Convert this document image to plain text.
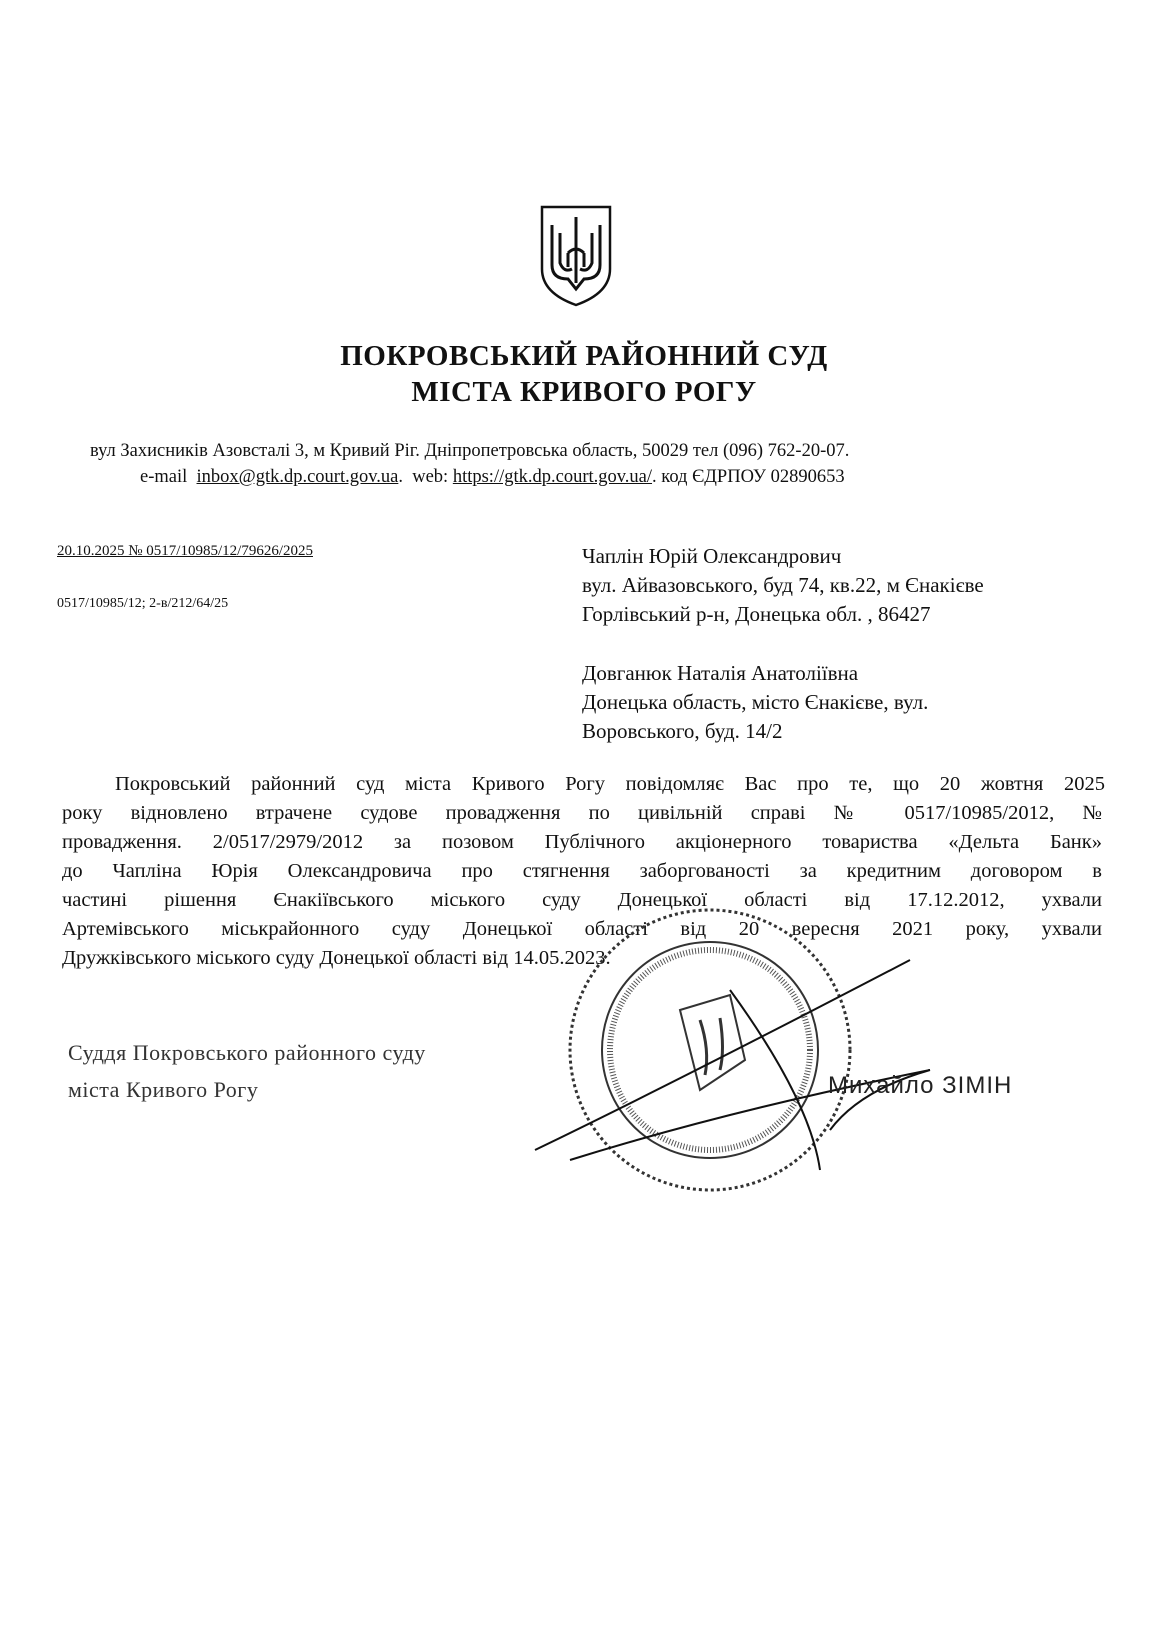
ПОКРОВСЬКИЙ РАЙОННИЙ СУД
МІСТА КРИВОГО РОГУ
вул Захисників Азовсталі 3, м Кривий Ріг. Дніпропетровська область, 50029 тел (096) 762-20-07.
e-mail inbox@gtk.dp.court.gov.ua.  web: https://gtk.dp.court.gov.ua/. код ЄДРПОУ 02890653
20.10.2025 № 0517/10985/12/79626/2025
0517/10985/12; 2-в/212/64/25
Чаплін Юрій Олександрович
вул. Айвазовського, буд 74, кв.22, м Єнакієве
Горлівський р-н, Донецька обл. , 86427
Довганюк Наталія Анатоліївна
Донецька область, місто Єнакієве, вул.
Воровського, буд. 14/2
Покровський районний суд міста Кривого Рогу повідомляє Вас про те, що 20 жовтня 2025
року відновлено втрачене судове провадження по цивільній справі № 0517/10985/2012, №
провадження. 2/0517/2979/2012 за позовом Публічного акціонерного товариства «Дельта Банк»
до Чапліна Юрія Олександровича про стягнення заборгованості за кредитним договором в
частині рішення Єнакіївського міського суду Донецької області від 17.12.2012, ухвали
Артемівського міськрайонного суду Донецької області від 20 вересня 2021 року, ухвали
Дружківського міського суду Донецької області від 14.05.2023.
Суддя Покровського районного суду
міста Кривого Рогу	Михайло ЗІМІН
